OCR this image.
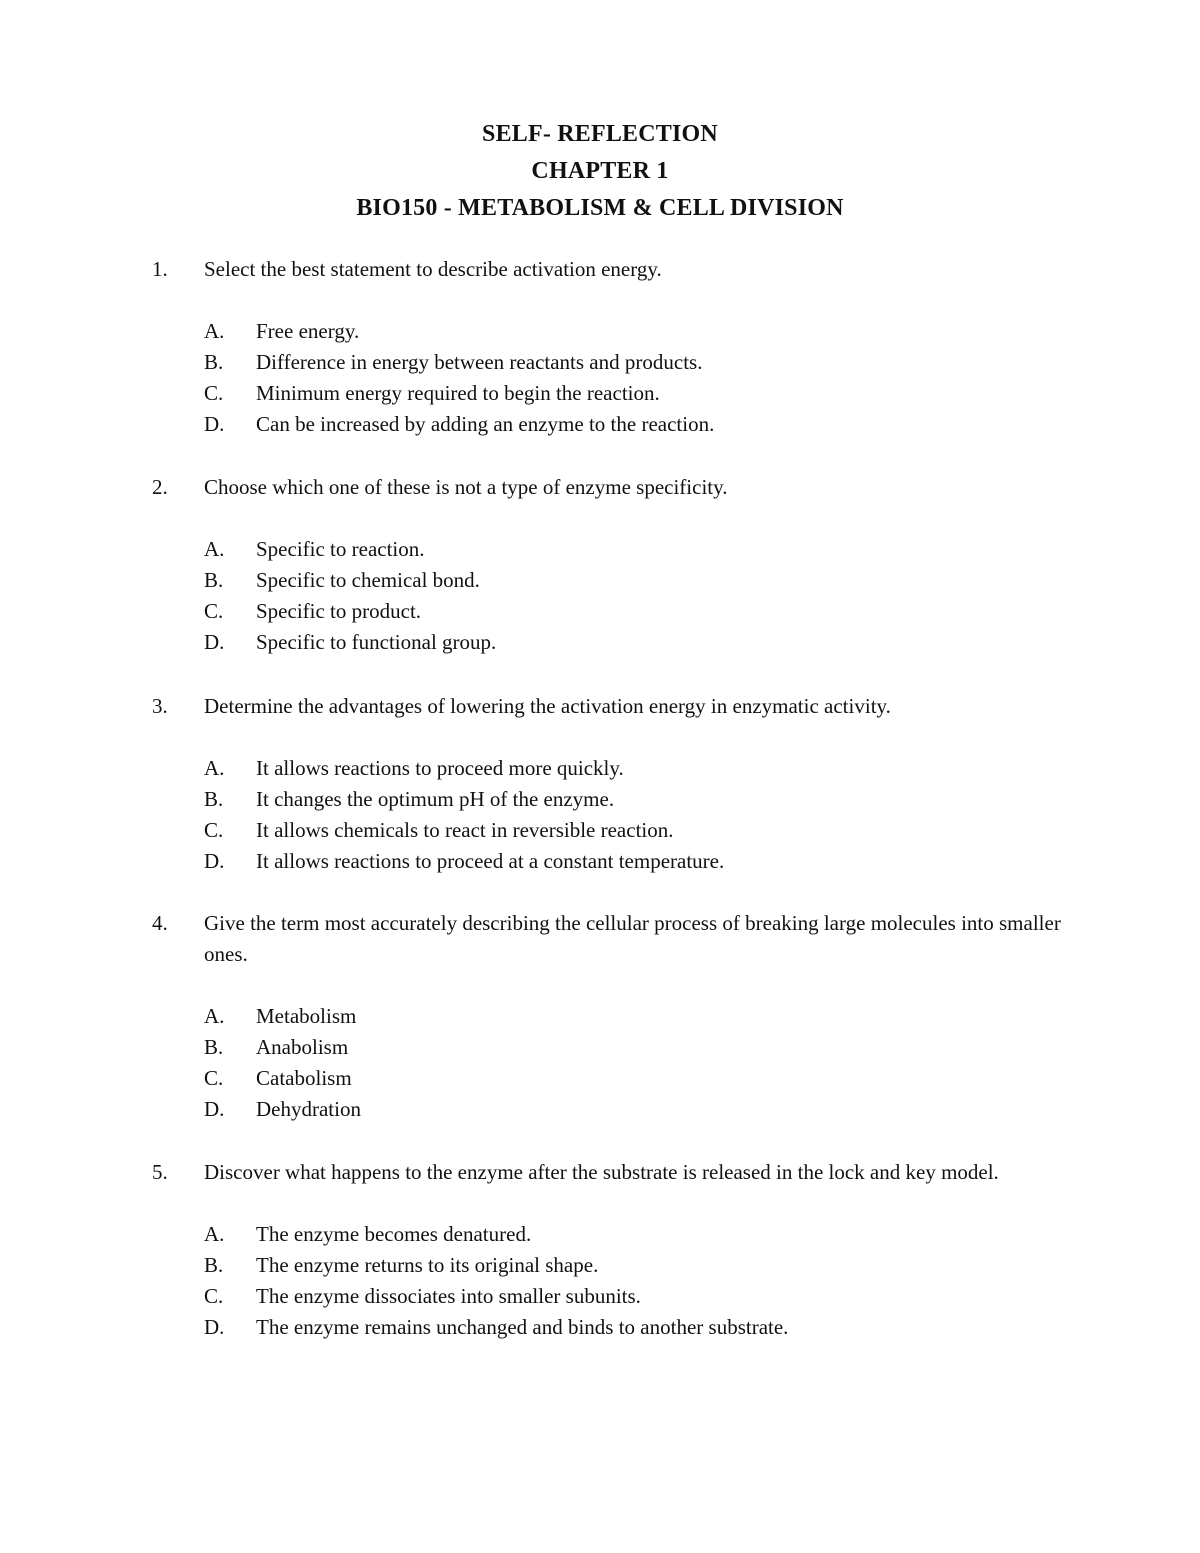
SELF- REFLECTION
CHAPTER 1
BIO150 - METABOLISM & CELL DIVISION
1.	Select the best statement to describe activation energy.
A. Free energy.
B. Difference in energy between reactants and products.
C. Minimum energy required to begin the reaction.
D. Can be increased by adding an enzyme to the reaction.
2.	Choose which one of these is not a type of enzyme specificity.
A. Specific to reaction.
B. Specific to chemical bond.
C. Specific to product.
D. Specific to functional group.
3.	Determine the advantages of lowering the activation energy in enzymatic activity.
A. It allows reactions to proceed more quickly.
B. It changes the optimum pH of the enzyme.
C. It allows chemicals to react in reversible reaction.
D. It allows reactions to proceed at a constant temperature.
4.	Give the term most accurately describing the cellular process of breaking large molecules into smaller ones.
A. Metabolism
B. Anabolism
C. Catabolism
D. Dehydration
5.	Discover what happens to the enzyme after the substrate is released in the lock and key model.
A. The enzyme becomes denatured.
B. The enzyme returns to its original shape.
C. The enzyme dissociates into smaller subunits.
D. The enzyme remains unchanged and binds to another substrate.
